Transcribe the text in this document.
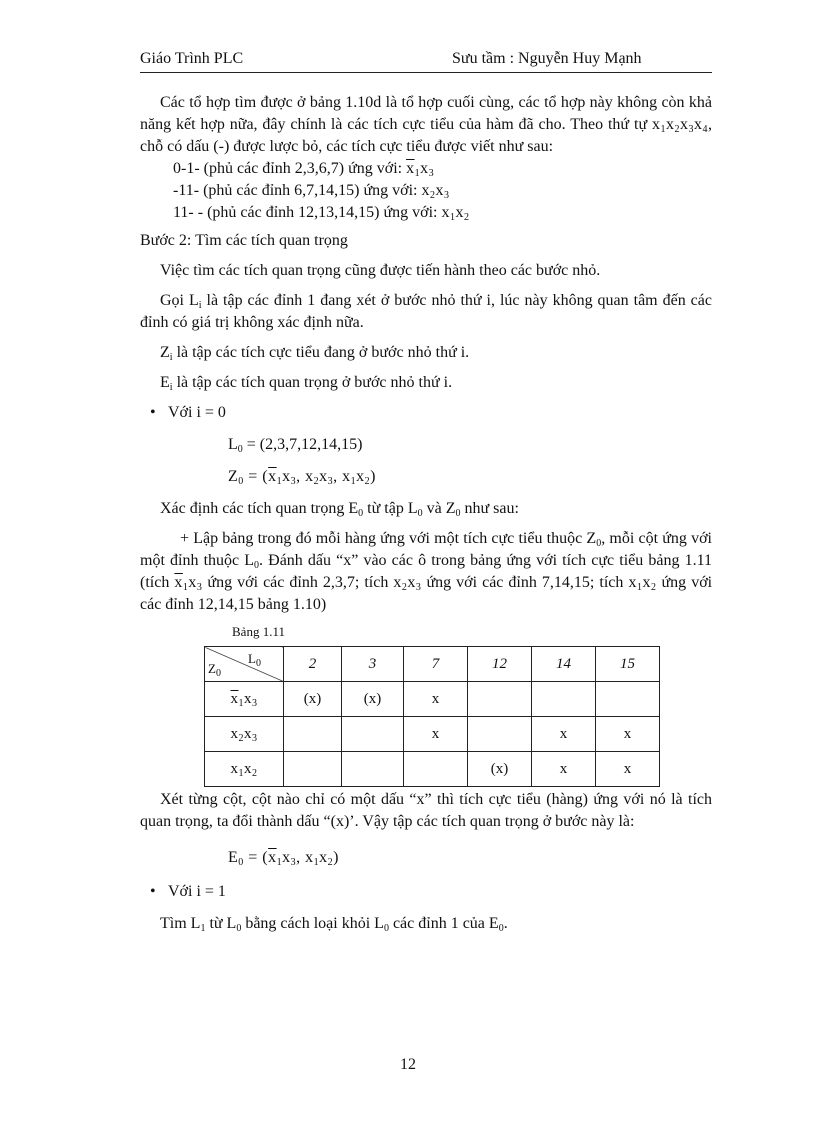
Giáo Trình PLC	Sưu tầm : Nguyễn Huy Mạnh

Các tổ hợp tìm được ở bảng 1.10d là tổ hợp cuối cùng, các tổ hợp này không còn khả năng kết hợp nữa, đây chính là các tích cực tiểu của hàm đã cho. Theo thứ tự $x_1x_2x_3x_4$, chỗ có dấu (-) được lược bỏ, các tích cực tiểu được viết như sau:

0-1- (phủ các đỉnh 2,3,6,7) ứng với: $\overline{x}_1x_3$

-11- (phủ các đỉnh 6,7,14,15) ứng với: $x_2x_3$

11- - (phủ các đỉnh 12,13,14,15) ứng với: $x_1x_2$

Bước 2: Tìm các tích quan trọng

Việc tìm các tích quan trọng cũng được tiến hành theo các bước nhỏ.

Gọi $L_i$ là tập các đỉnh 1 đang xét ở bước nhỏ thứ i, lúc này không quan tâm đến các đỉnh có giá trị không xác định nữa.

$Z_i$ là tập các tích cực tiểu đang ở bước nhỏ thứ i.

$E_i$ là tập các tích quan trọng ở bước nhỏ thứ i.

• Với i = 0

$L_0 = (2,3,7,12,14,15)$

$Z_0 = (\overline{x}_1x_3$, $x_2x_3$, $x_1x_2$)

Xác định các tích quan trọng $E_0$ từ tập $L_0$ và $Z_0$ như sau:

+ Lập bảng trong đó mỗi hàng ứng với một tích cực tiểu thuộc $Z_0$, mỗi cột ứng với một đỉnh thuộc $L_0$. Đánh dấu “x” vào các ô trong bảng ứng với tích cực tiểu bảng 1.11 (tích $\overline{x}_1x_3$ ứng với các đỉnh 2,3,7; tích $x_2x_3$ ứng với các đỉnh 7,14,15; tích $x_1x_2$ ứng với các đỉnh 12,14,15 bảng 1.10)

Bảng 1.11
$L_0$
$Z_0$	2	3	7	12	14	15
$\overline{x}_1x_3$	(x)	(x)	x			
$x_2x_3$			x		x	x
$x_1x_2$				(x)	x	x

Xét từng cột, cột nào chỉ có một dấu “x” thì tích cực tiểu (hàng) ứng với nó là tích quan trọng, ta đổi thành dấu “(x)’. Vậy tập các tích quan trọng ở bước này là:

$E_0 = (\overline{x}_1x_3$, $x_1x_2$)

• Với i = 1

Tìm $L_1$ từ $L_0$ bằng cách loại khỏi $L_0$ các đỉnh 1 của $E_0$.

12
